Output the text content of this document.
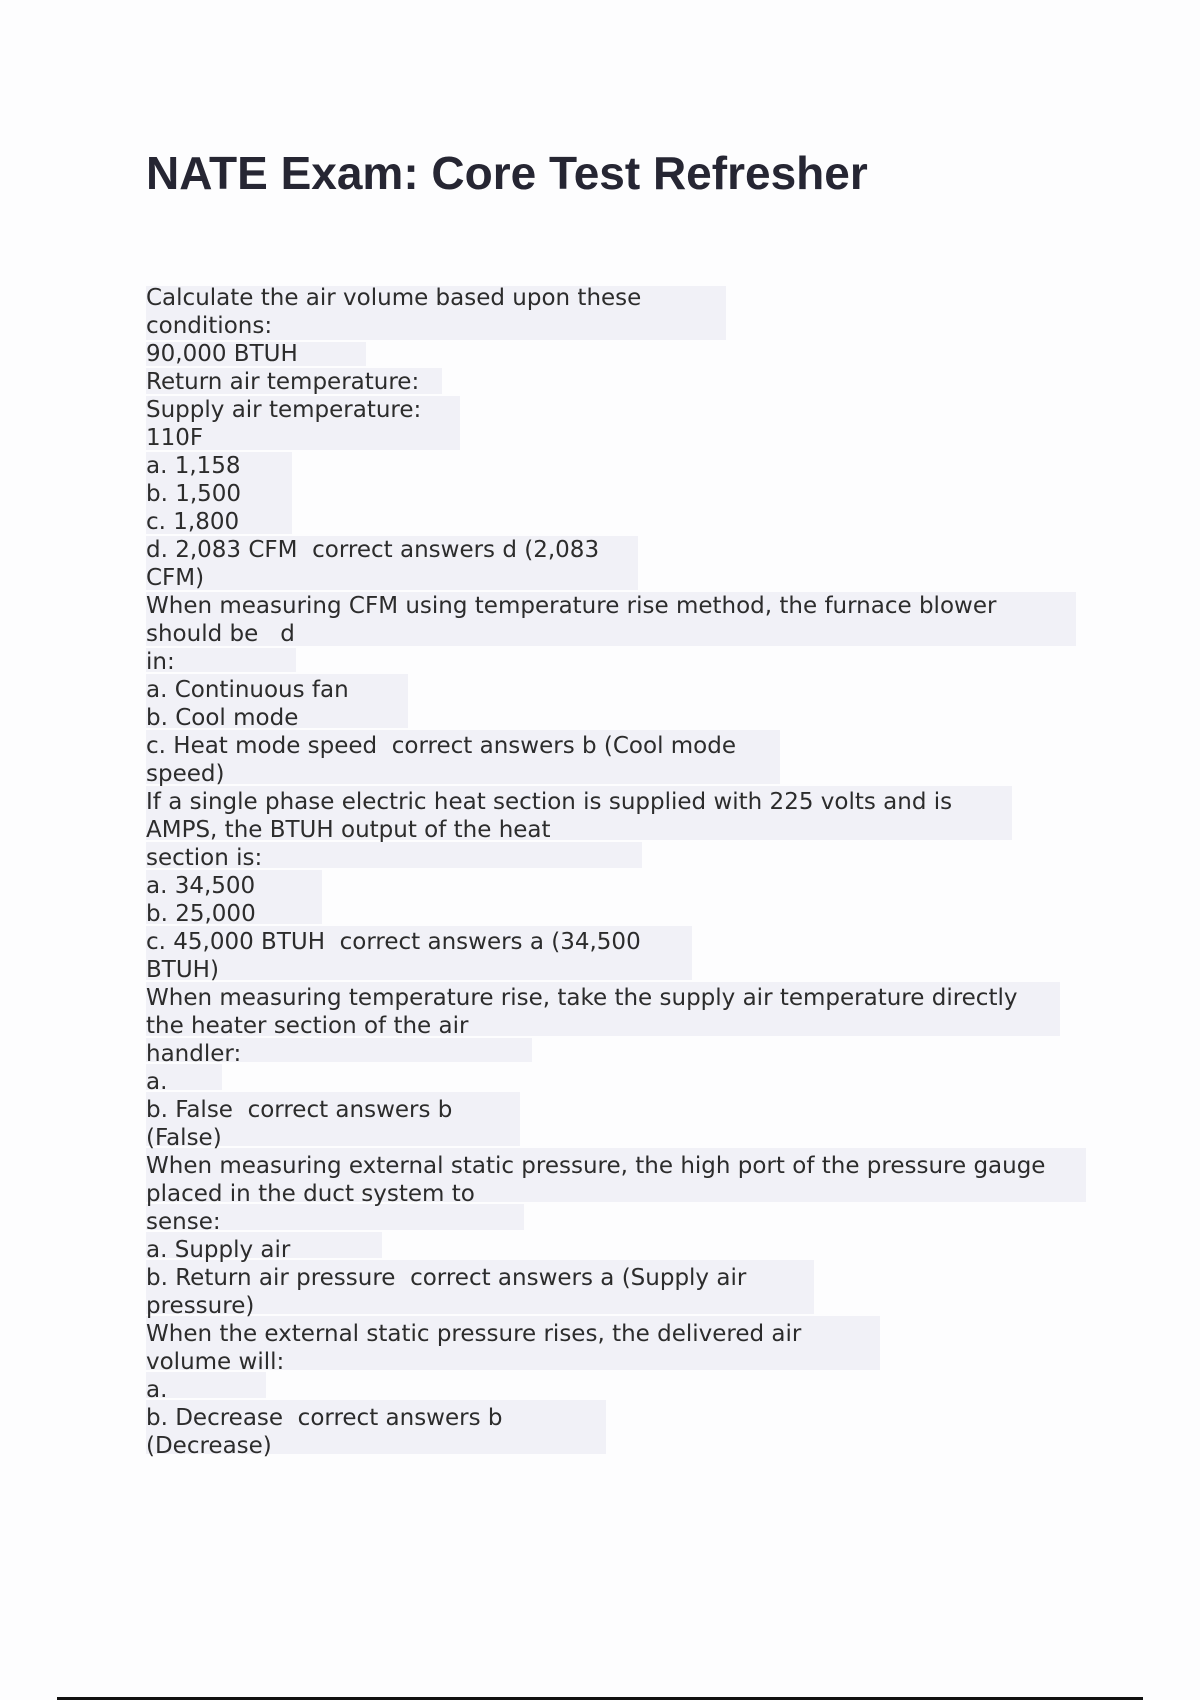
NATE Exam: Core Test Refresher
Calculate the air volume based upon these
conditions:
90,000 BTUH
Return air temperature:
Supply air temperature:
110F
a. 1,158
b. 1,500
c. 1,800
d. 2,083 CFM  correct answers d (2,083
CFM)
When measuring CFM using temperature rise method, the furnace blower
should be   d
in:
a. Continuous fan
b. Cool mode
c. Heat mode speed  correct answers b (Cool mode
speed)
If a single phase electric heat section is supplied with 225 volts and is
AMPS, the BTUH output of the heat
section is:
a. 34,500
b. 25,000
c. 45,000 BTUH  correct answers a (34,500
BTUH)
When measuring temperature rise, take the supply air temperature directly
the heater section of the air
handler:
a.
b. False  correct answers b
(False)
When measuring external static pressure, the high port of the pressure gauge
placed in the duct system to
sense:
a. Supply air
b. Return air pressure  correct answers a (Supply air
pressure)
When the external static pressure rises, the delivered air
volume will:
a.
b. Decrease  correct answers b
(Decrease)
